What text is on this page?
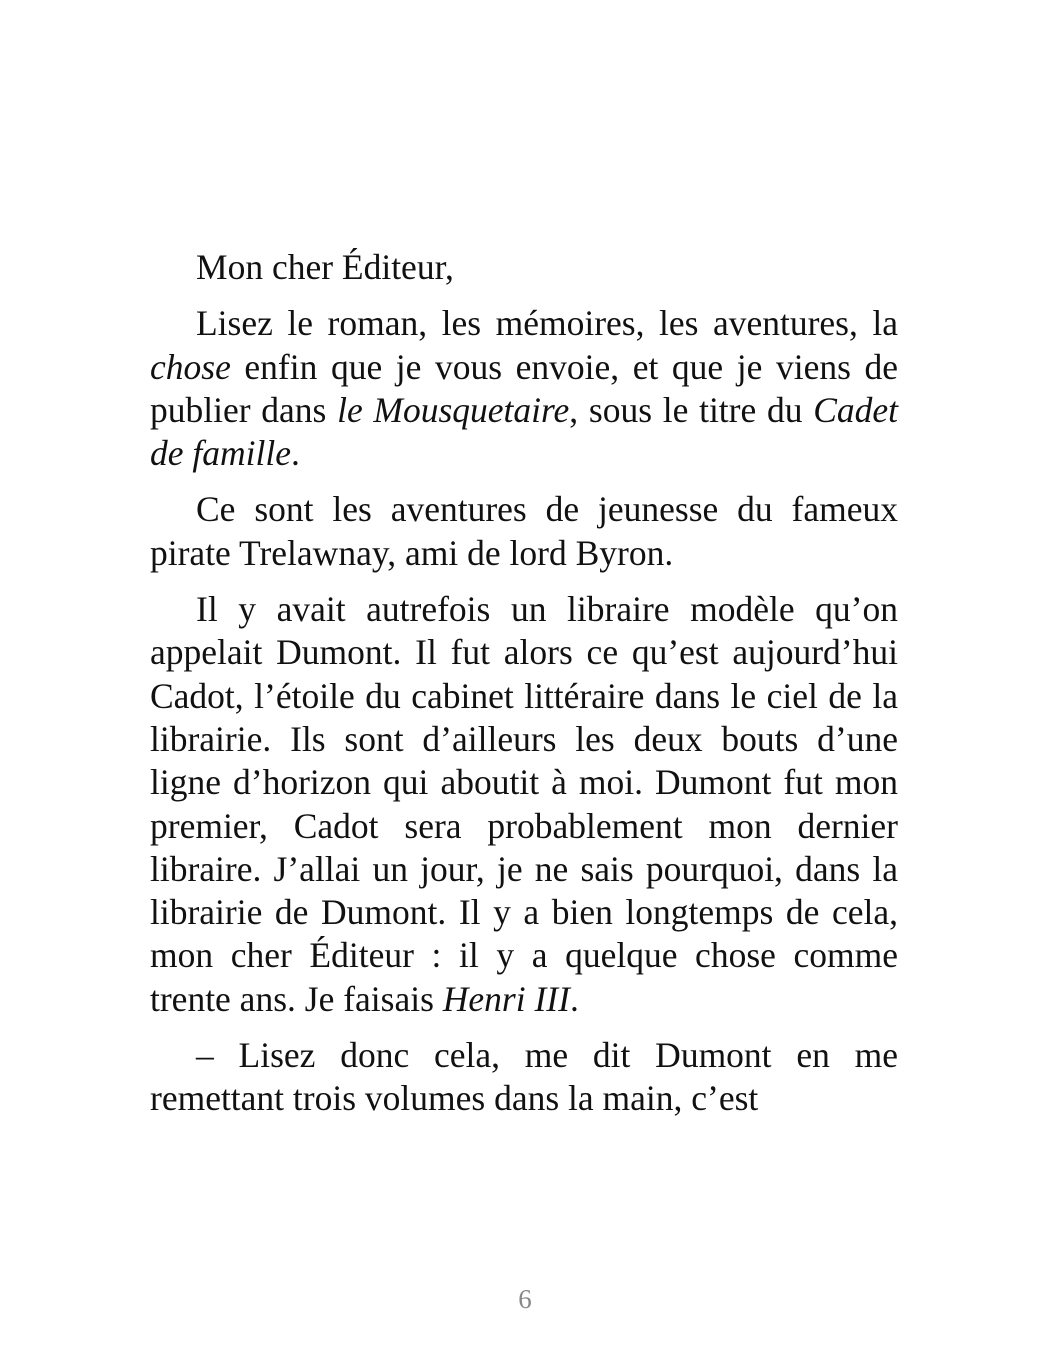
Mon cher Éditeur,

Lisez le roman, les mémoires, les aventures, la chose enfin que je vous envoie, et que je viens de publier dans le Mousquetaire, sous le titre du Cadet de famille.

Ce sont les aventures de jeunesse du fameux pirate Trelawnay, ami de lord Byron.

Il y avait autrefois un libraire modèle qu’on appelait Dumont. Il fut alors ce qu’est aujourd’hui Cadot, l’étoile du cabinet littéraire dans le ciel de la librairie. Ils sont d’ailleurs les deux bouts d’une ligne d’horizon qui aboutit à moi. Dumont fut mon premier, Cadot sera probablement mon dernier libraire. J’allai un jour, je ne sais pourquoi, dans la librairie de Dumont. Il y a bien longtemps de cela, mon cher Éditeur : il y a quelque chose comme trente ans. Je faisais Henri III.

– Lisez donc cela, me dit Dumont en me remettant trois volumes dans la main, c’est

6
